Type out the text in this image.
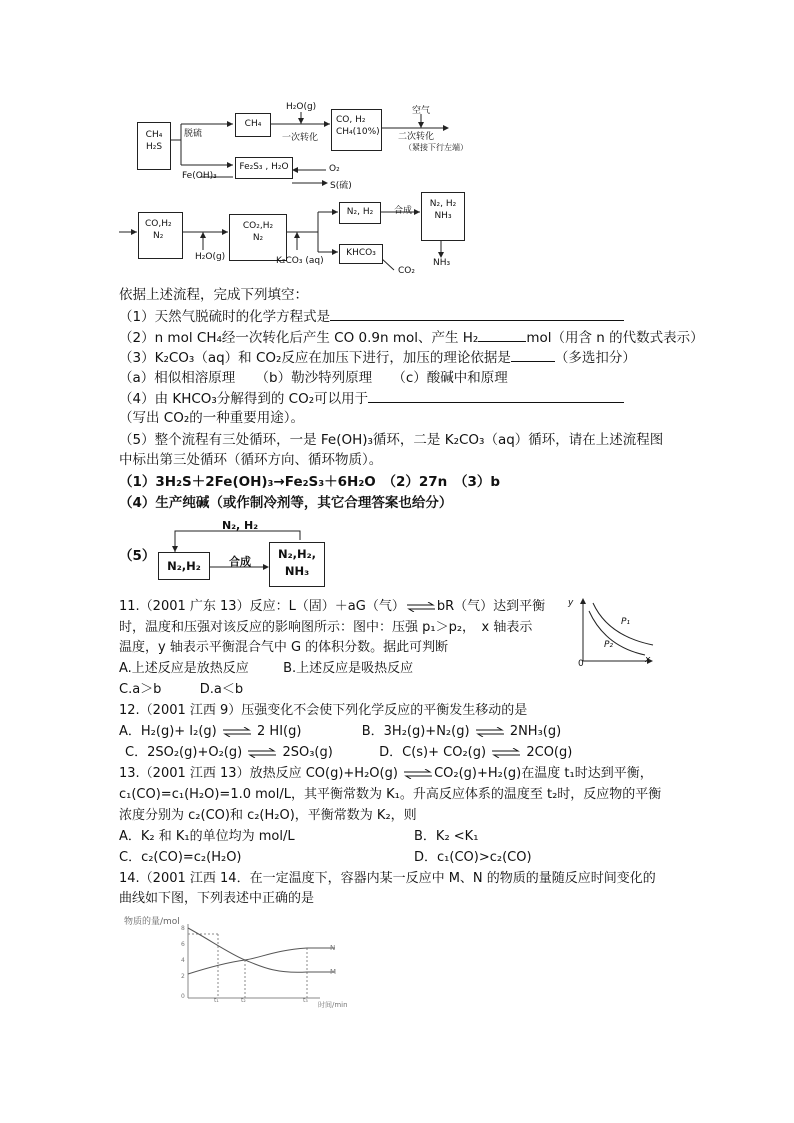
CH₄
H₂S
脱硫
CH₄
H₂O(g)
一次转化
CO, H₂
CH₄(10%)
空气
二次转化
（紧接下行左端）
Fe(OH)₃
Fe₂S₃ , H₂O	O₂
S(硫)
CO,H₂
N₂
H₂O(g)
CO₂,H₂
N₂
K₂CO₃ (aq)
N₂, H₂	合成
KHCO₃
CO₂
N₂, H₂
NH₃
NH₃
依据上述流程，完成下列填空：
（1）天然气脱硫时的化学方程式是
（2）n mol CH₄经一次转化后产生 CO 0.9n mol、产生 H₂	mol（用含 n 的代数式表示）
（3）K₂CO₃（aq）和 CO₂反应在加压下进行，加压的理论依据是	（多选扣分）
（a）相似相溶原理　　（b）勒沙特列原理　　（c）酸碱中和原理
（4）由 KHCO₃分解得到的 CO₂可以用于
（写出 CO₂的一种重要用途）。
（5）整个流程有三处循环，一是 Fe(OH)₃循环，二是 K₂CO₃（aq）循环，请在上述流程图
中标出第三处循环（循环方向、循环物质）。
（1）3H₂S＋2Fe(OH)₃→Fe₂S₃＋6H₂O　（2）27n　（3）b
（4）生产纯碱（或作制冷剂等，其它合理答案也给分）
（5）
N₂, H₂
N₂,H₂	合成
N₂,H₂,
NH₃
11.（2001 广东 13）反应：L（固）＋aG（气）⇌bR（气）达到平衡
时，温度和压强对该反应的影响图所示：图中：压强 p₁＞p₂，　x 轴表示
温度，y 轴表示平衡混合气中 G 的体积分数。据此可判断
A.上述反应是放热反应	B.上述反应是吸热反应
C.a＞b	D.a＜b
y
x
0
P₁
P₂
12.（2001 江西 9）压强变化不会使下列化学反应的平衡发生移动的是
A．H₂(g)+ I₂(g) ⇌ 2 HI(g)	B．3H₂(g)+N₂(g) ⇌ 2NH₃(g)
C．2SO₂(g)+O₂(g) ⇌ 2SO₃(g)	D．C(s)+ CO₂(g) ⇌ 2CO(g)
13.（2001 江西 13）放热反应 CO(g)+H₂O(g) ⇌CO₂(g)+H₂(g)在温度 t₁时达到平衡，
c₁(CO)=c₁(H₂O)=1.0 mol/L，其平衡常数为 K₁。升高反应体系的温度至 t₂时，反应物的平衡
浓度分别为 c₂(CO)和 c₂(H₂O)，平衡常数为 K₂，则
A．K₂ 和 K₁的单位均为 mol/L	B．K₂ <K₁
C．c₂(CO)=c₂(H₂O)	D．c₁(CO)>c₂(CO)
14.（2001 江西 14．在一定温度下，容器内某一反应中 M、N 的物质的量随反应时间变化的
曲线如下图，下列表述中正确的是
物质的量/mol
8
6
4
2
0
t₁	t₂	t₃
N
M
时间/min
